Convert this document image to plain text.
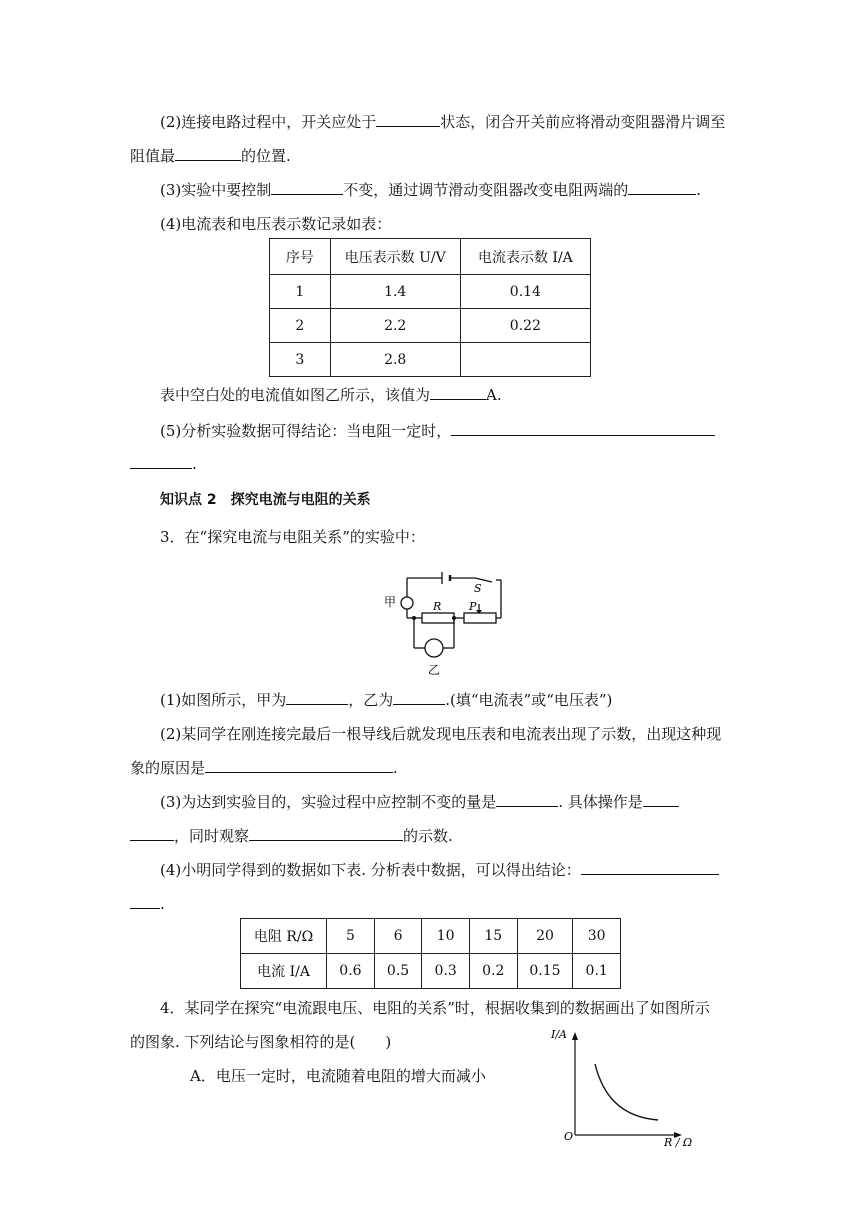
(2)连接电路过程中，开关应处于	状态，闭合开关前应将滑动变阻器滑片调至
阻值最	的位置.
(3)实验中要控制	不变，通过调节滑动变阻器改变电阻两端的	.
(4)电流表和电压表示数记录如表：
序号	电压表示数 U/V	电流表示数 I/A
1	1.4	0.14
2	2.2	0.22
3	2.8	
表中空白处的电流值如图乙所示，该值为	A.
(5)分析实验数据可得结论：当电阻一定时，
.
知识点 2　探究电流与电阻的关系
3．在“探究电流与电阻关系”的实验中：
甲
乙
R
S
P
(1)如图所示，甲为	，乙为	.(填“电流表”或“电压表”)
(2)某同学在刚连接完最后一根导线后就发现电压表和电流表出现了示数，出现这种现
象的原因是	.
(3)为达到实验目的，实验过程中应控制不变的量是	. 具体操作是
，同时观察	的示数.
(4)小明同学得到的数据如下表. 分析表中数据，可以得出结论：
.
电阻 R/Ω	5	6	10	15	20	30
电流 I/A	0.6	0.5	0.3	0.2	0.15	0.1
4．某同学在探究“电流跟电压、电阻的关系”时，根据收集到的数据画出了如图所示
的图象. 下列结论与图象相符的是(　　)
A．电压一定时，电流随着电阻的增大而减小
I/A
R / Ω
O
